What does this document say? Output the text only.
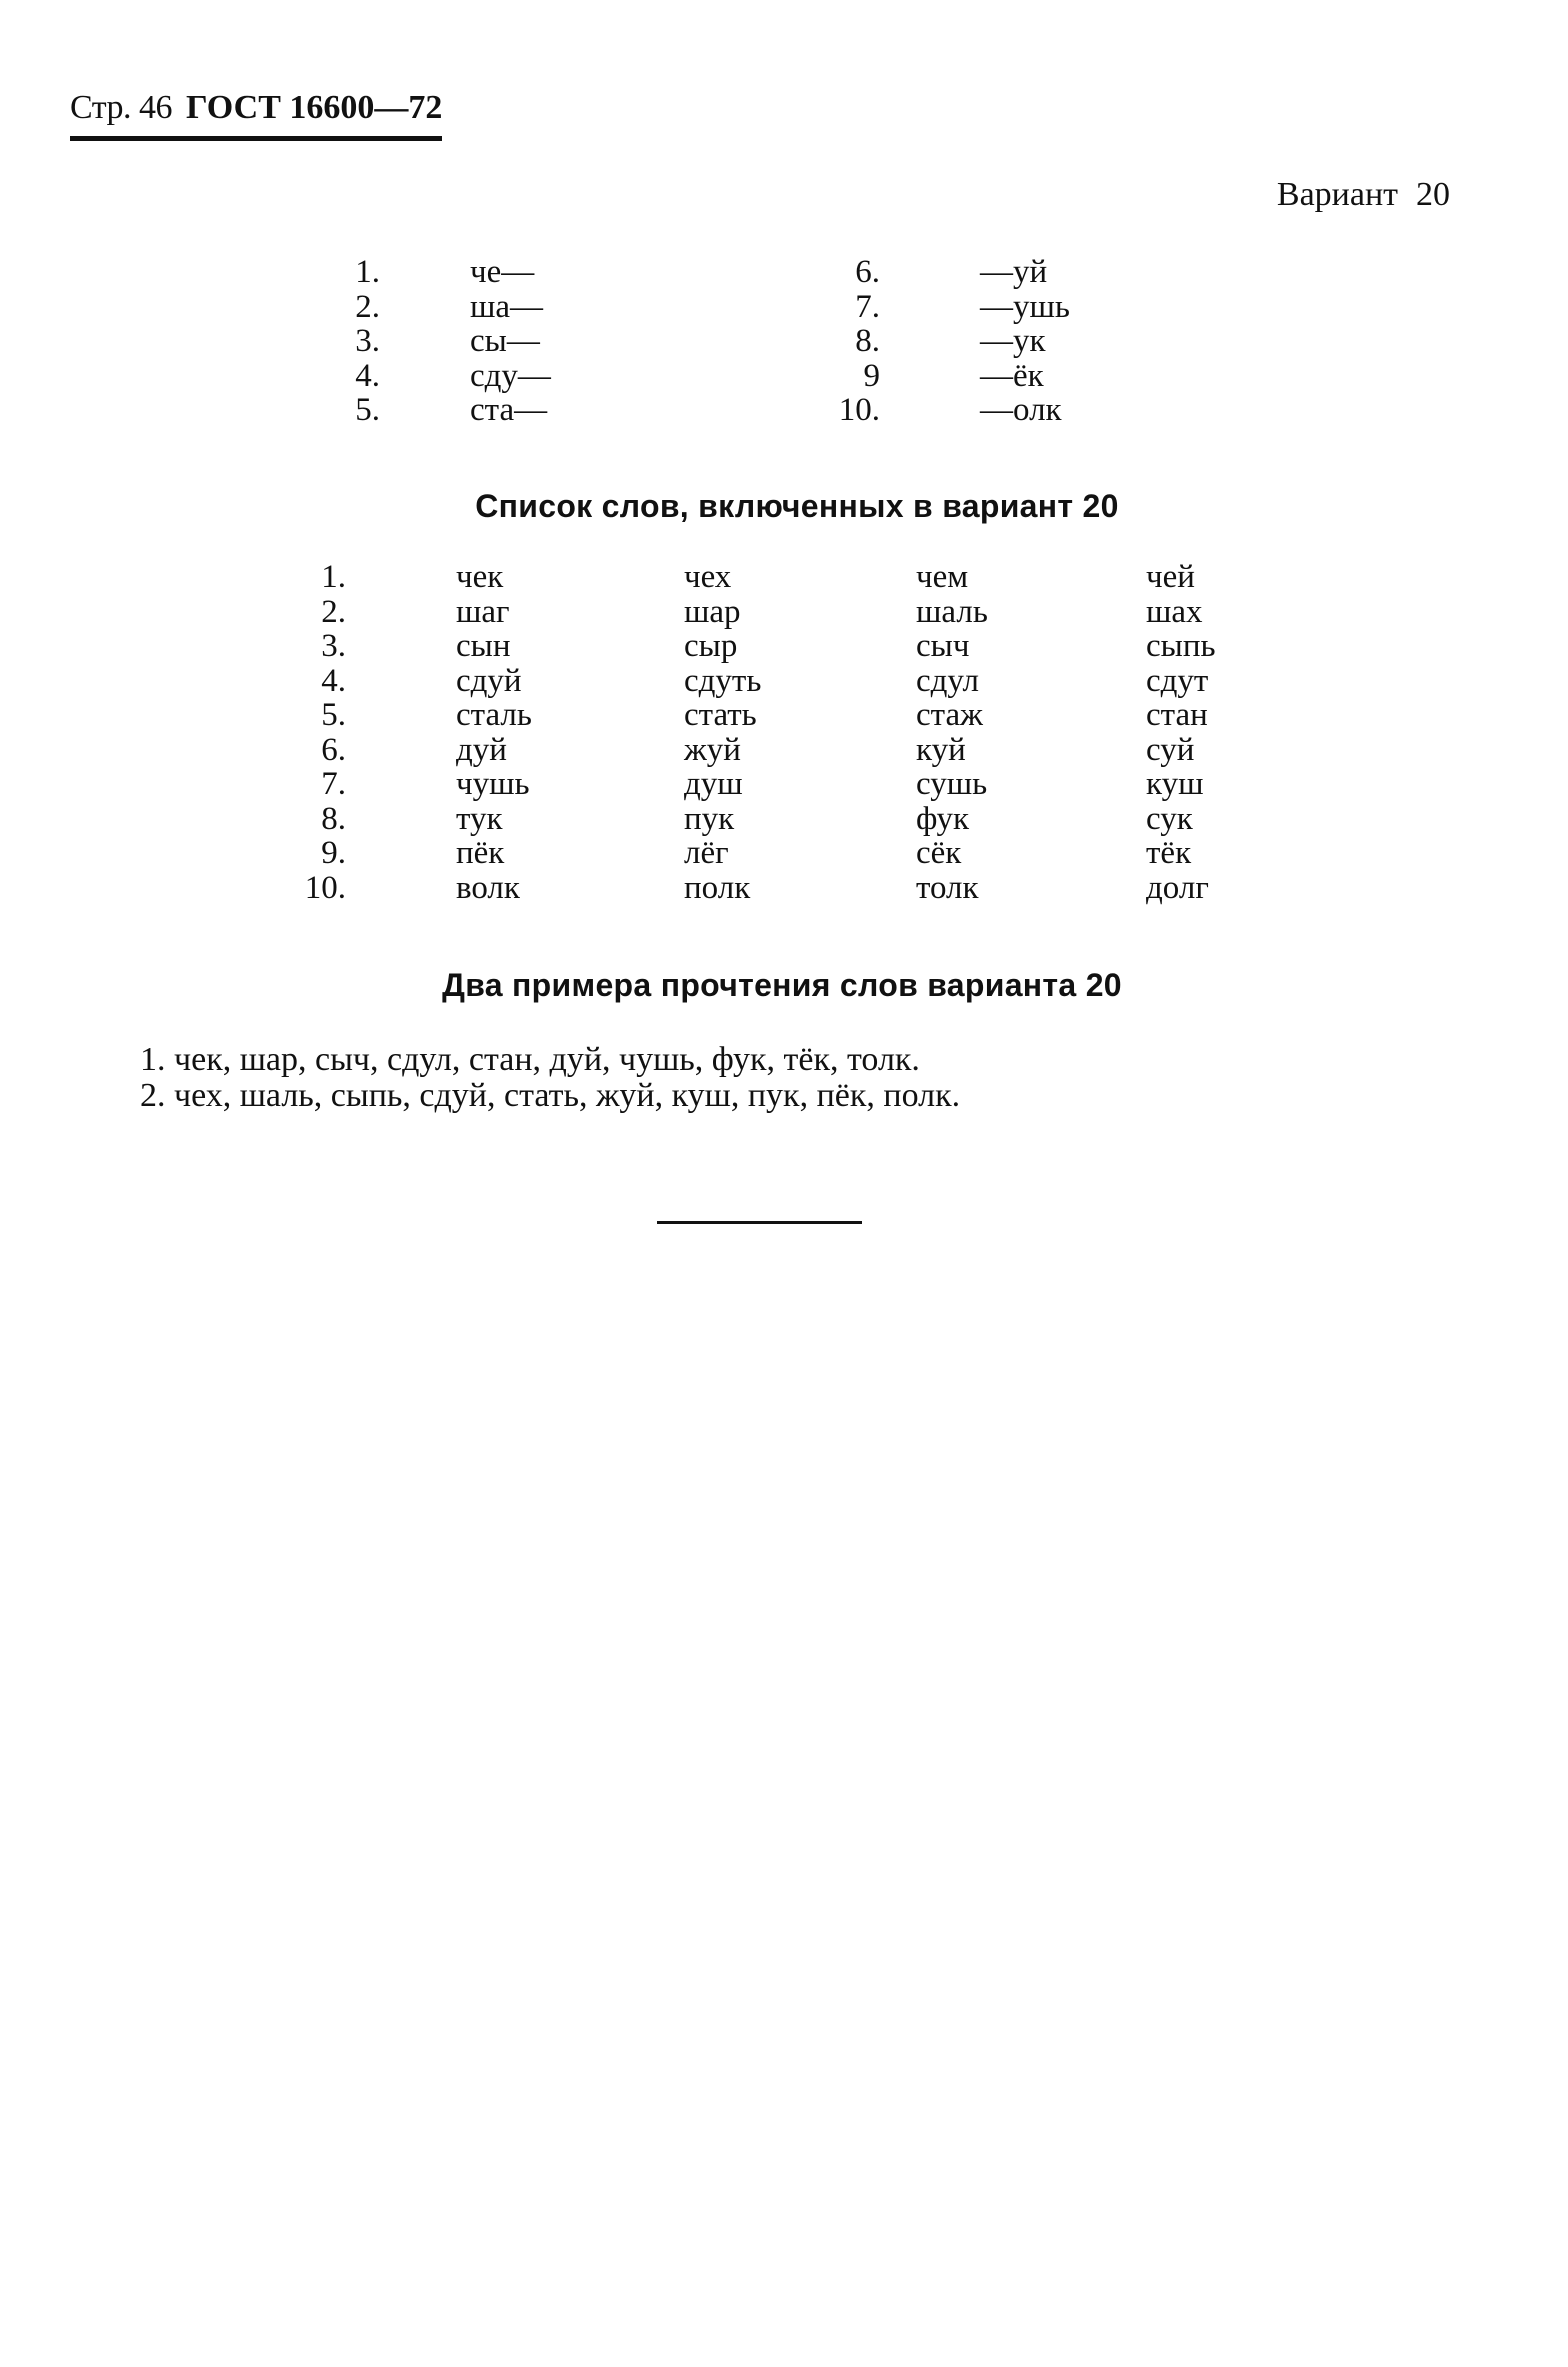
Стр. 46 ГОСТ 16600—72
Вариант 20
1.	че—	6.	—уй
2.	ша—	7.	—ушь
3.	сы—	8.	—ук
4.	сду—	9	—ёк
5.	ста—	10.	—олк
Список слов, включенных в вариант 20
1.	чек	чех	чем	чей
2.	шаг	шар	шаль	шах
3.	сын	сыр	сыч	сыпь
4.	сдуй	сдуть	сдул	сдут
5.	сталь	стать	стаж	стан
6.	дуй	жуй	куй	суй
7.	чушь	душ	сушь	куш
8.	тук	пук	фук	сук
9.	пёк	лёг	сёк	тёк
10.	волк	полк	толк	долг
Два примера прочтения слов варианта 20
1. чек, шар, сыч, сдул, стан, дуй, чушь, фук, тёк, толк.
2. чех, шаль, сыпь, сдуй, стать, жуй, куш, пук, пёк, полк.
